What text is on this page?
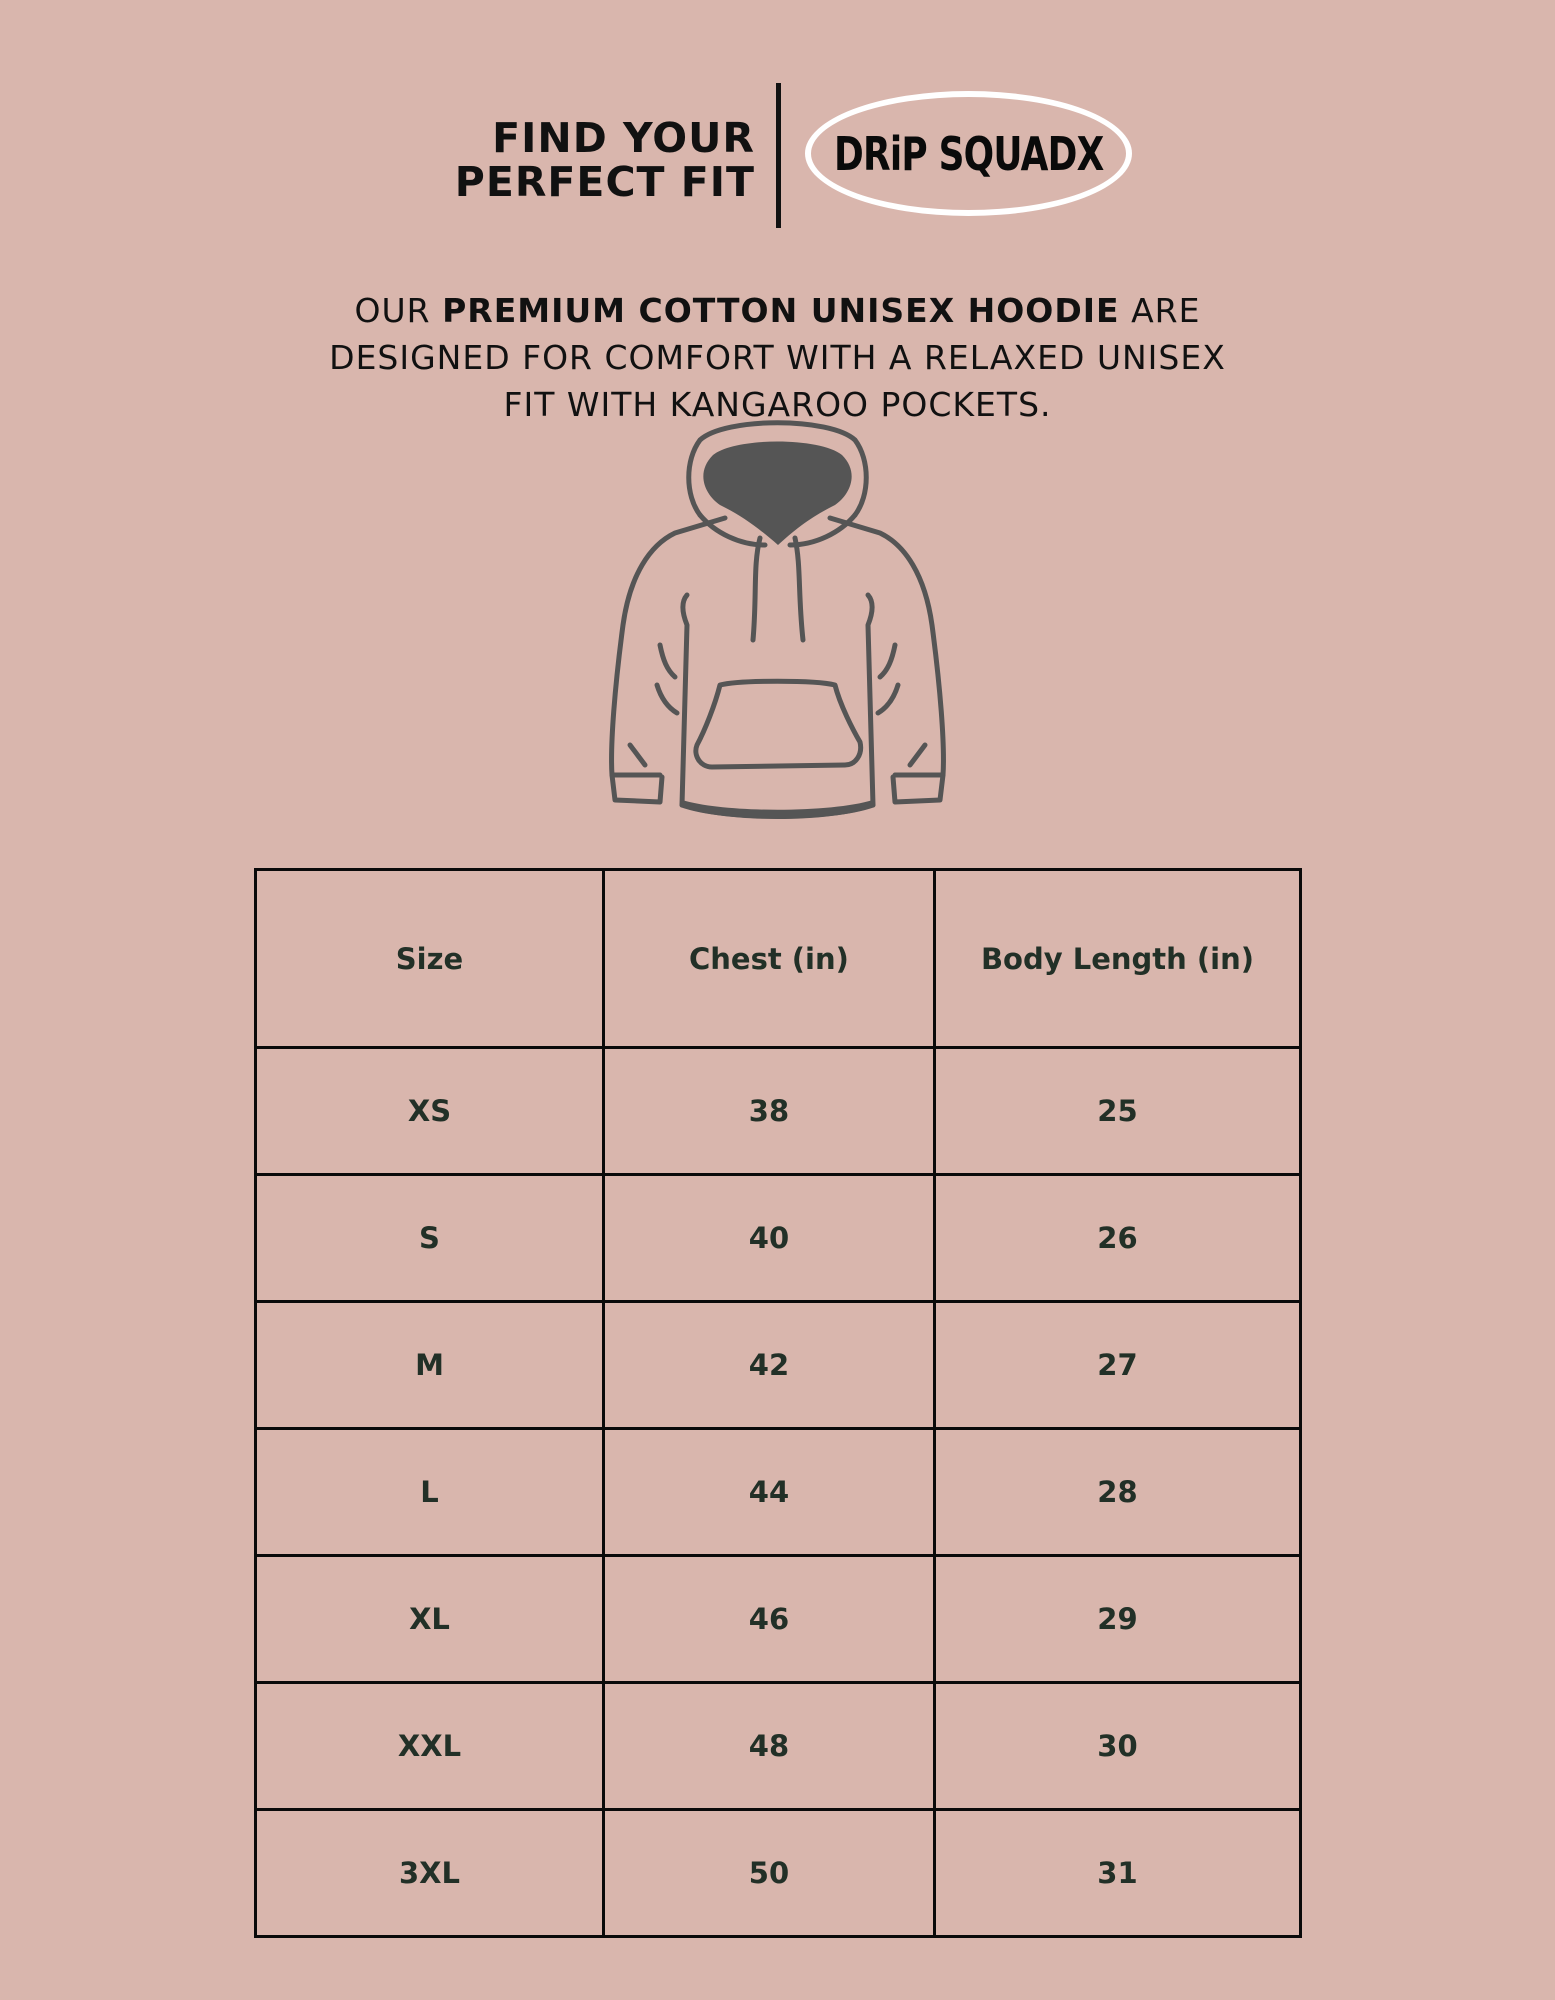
FIND YOUR
PERFECT FIT
DRiP SQUADX

OUR PREMIUM COTTON UNISEX HOODIE ARE DESIGNED FOR COMFORT WITH A RELAXED UNISEX FIT WITH KANGAROO POCKETS.

Size	Chest (in)	Body Length (in)
XS	38	25
S	40	26
M	42	27
L	44	28
XL	46	29
XXL	48	30
3XL	50	31
